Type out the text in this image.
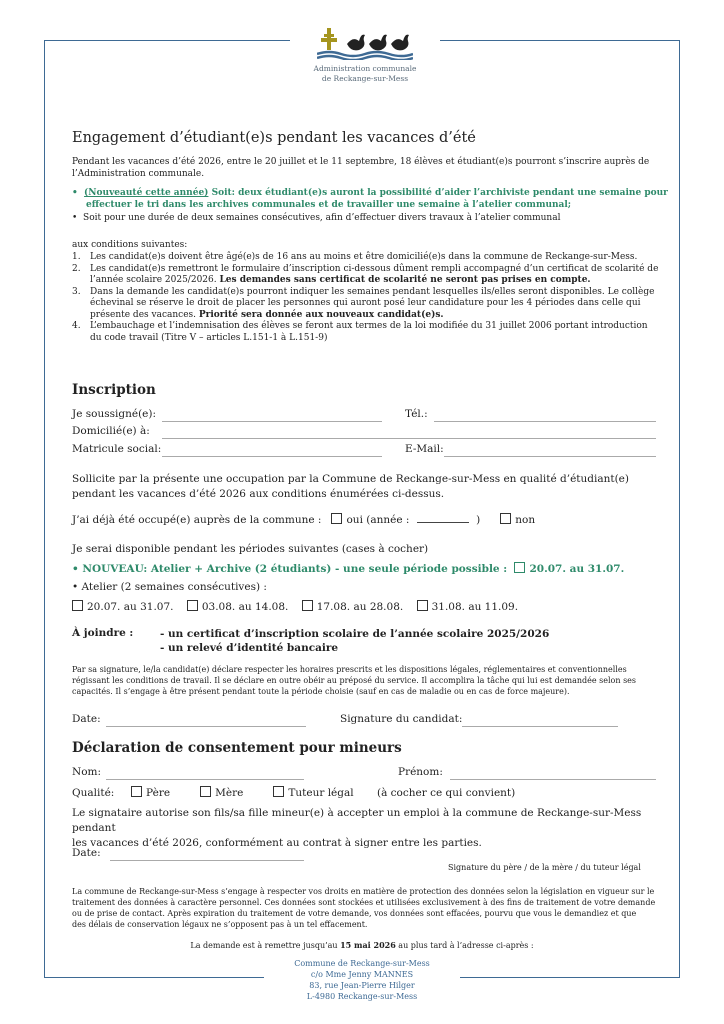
Administration communale
de Reckange-sur-Mess
Engagement d’étudiant(e)s pendant les vacances d’été
Pendant les vacances d’été 2026, entre le 20 juillet et le 11 septembre, 18 élèves et étudiant(e)s pourront s’inscrire auprès de l’Administration communale.
• (Nouveauté cette année) Soit: deux étudiant(e)s auront la possibilité d’aider l’archiviste pendant une semaine pour
effectuer le tri dans les archives communales et de travailler une semaine à l’atelier communal;
• Soit pour une durée de deux semaines consécutives, afin d’effectuer divers travaux à l’atelier communal
aux conditions suivantes:
1.	Les candidat(e)s doivent être âgé(e)s de 16 ans au moins et être domicilié(e)s dans la commune de Reckange-sur-Mess.
2.	Les candidat(e)s remettront le formulaire d’inscription ci-dessous dûment rempli accompagné d’un certificat de scolarité de
l’année scolaire 2025/2026. Les demandes sans certificat de scolarité ne seront pas prises en compte.
3.	Dans la demande les candidat(e)s pourront indiquer les semaines pendant lesquelles ils/elles seront disponibles. Le collège
échevinal se réserve le droit de placer les personnes qui auront posé leur candidature pour les 4 périodes dans celle qui
présente des vacances. Priorité sera donnée aux nouveaux candidat(e)s.
4.	L’embauchage et l’indemnisation des élèves se feront aux termes de la loi modifiée du 31 juillet 2006 portant introduction
du code travail (Titre V – articles L.151-1 à L.151-9)
Inscription
Je soussigné(e):	Tél.:
Domicilié(e) à:
Matricule social:	E-Mail:
Sollicite par la présente une occupation par la Commune de Reckange-sur-Mess en qualité d’étudiant(e)
pendant les vacances d’été 2026 aux conditions énumérées ci-dessus.
J’ai déjà été occupé(e) auprès de la commune : oui (année :	)	non
Je serai disponible pendant les périodes suivantes (cases à cocher)
• NOUVEAU: Atelier + Archive (2 étudiants) - une seule période possible : 20.07. au 31.07.
• Atelier (2 semaines consécutives) :
20.07. au 31.07.	03.08. au 14.08.	17.08. au 28.08.	31.08. au 11.09.
À joindre :	- un certificat d’inscription scolaire de l’année scolaire 2025/2026
- un relevé d’identité bancaire
Par sa signature, le/la candidat(e) déclare respecter les horaires prescrits et les dispositions légales, réglementaires et conventionnelles
régissant les conditions de travail. Il se déclare en outre obéir au préposé du service. Il accomplira la tâche qui lui est demandée selon ses
capacités. Il s’engage à être présent pendant toute la période choisie (sauf en cas de maladie ou en cas de force majeure).
Date:	Signature du candidat:
Déclaration de consentement pour mineurs
Nom:	Prénom:
Qualité:	Père	Mère	Tuteur légal (à cocher ce qui convient)
Le signataire autorise son fils/sa fille mineur(e) à accepter un emploi à la commune de Reckange-sur-Mess pendant
les vacances d’été 2026, conformément au contrat à signer entre les parties.
Date:
Signature du père / de la mère / du tuteur légal
La commune de Reckange-sur-Mess s’engage à respecter vos droits en matière de protection des données selon la législation en vigueur sur le
traitement des données à caractère personnel. Ces données sont stockées et utilisées exclusivement à des fins de traitement de votre demande
ou de prise de contact. Après expiration du traitement de votre demande, vos données sont effacées, pourvu que vous le demandiez et que
des délais de conservation légaux ne s’opposent pas à un tel effacement.
La demande est à remettre jusqu’au 15 mai 2026 au plus tard à l’adresse ci-après :
Commune de Reckange-sur-Mess
c/o Mme Jenny MANNES
83, rue Jean-Pierre Hilger
L-4980 Reckange-sur-Mess
